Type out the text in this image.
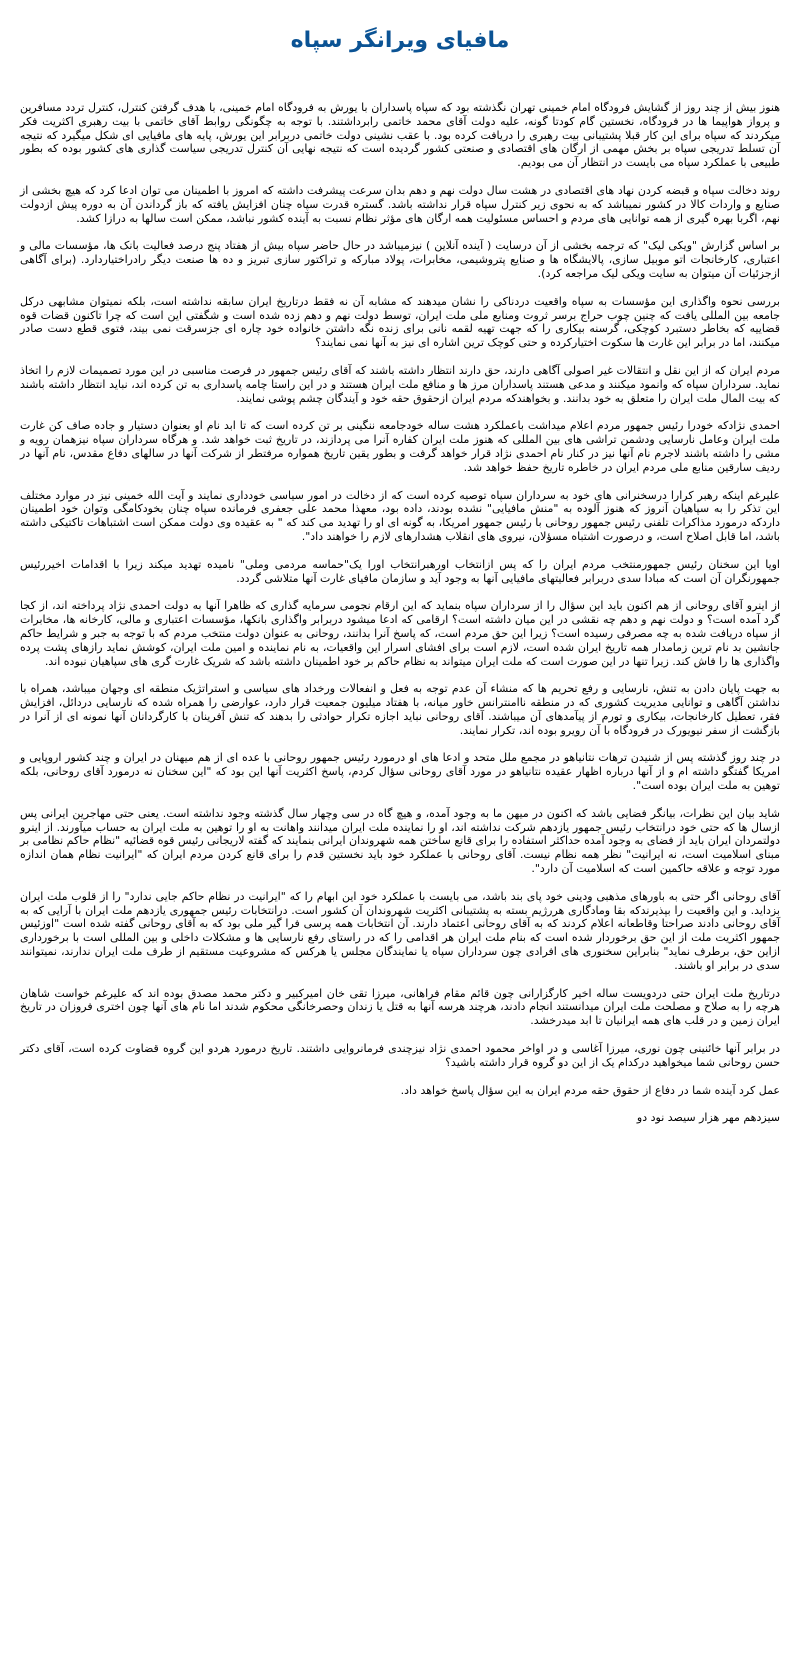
مافیای ویرانگر سپاه

هنوز بیش از چند روز از گشایش فرودگاه امام خمینی تهران نگذشته بود که سپاه پاسداران با یورش به فرودگاه امام خمینی، با هدف گرفتن کنترل، کنترل تردد مسافرین و پرواز هواپیما ها در فرودگاه، نخستین گام کودتا گونه، علیه دولت آقای محمد خاتمی رابرداشتند. با توجه به چگونگی روابط آقای خاتمی با بیت رهبری اکثریت فکر میکردند که سپاه برای این کار قبلا پشتیبانی بیت رهبری را دریافت کرده بود. با عقب نشینی دولت خاتمی دربرابر این یورش، پایه های مافیایی ای شکل میگیرد که نتیجه آن تسلط تدریجی سپاه بر بخش مهمی از ارگان های اقتصادی و صنعتی کشور گردیده است که نتیجه نهایی آن کنترل تدریجی سیاست گذاری های کشور بوده که بطور طبیعی با عملکرد سپاه می بایست در انتظار آن می بودیم.

روند دخالت سپاه و قبضه کردن نهاد های اقتصادی در هشت سال دولت نهم و دهم بدان سرعت پیشرفت داشته که امروز با اطمینان می توان ادعا کرد که هیچ بخشی از صنایع و واردات کالا در کشور نمیباشد که به نحوی زیر کنترل سپاه قرار نداشته باشد. گستره قدرت سپاه چنان افزایش یافته که باز گرداندن آن به دوره پیش ازدولت نهم، اگربا بهره گیری از همه توانایی های مردم و احساس مسئولیت همه ارگان های مؤثر نظام نسبت به آینده کشور نباشد، ممکن است سالها به درازا کشد.

بر اساس گزارش "ویکی لیک" که ترجمه بخشی از آن درسایت ( آینده آنلاین ) نیزمیباشد در حال حاضر سپاه بیش از هفتاد پنج درصد فعالیت بانک ها، مؤسسات مالی و اعتباری، کارخانجات اتو موبیل سازی، پالایشگاه ها و صنایع پتروشیمی، مخابرات، پولاد مبارکه و تراکتور سازی تبریز و ده ها صنعت دیگر رادراختیاردارد. (برای آگاهی ازجزئیات آن میتوان به سایت ویکی لیک مراجعه کرد).

بررسی نحوه واگذاری این مؤسسات به سپاه واقعیت دردناکی را نشان میدهند که مشابه آن نه فقط درتاریخ ایران سابقه نداشته است، بلکه نمیتوان مشابهی درکل جامعه بین المللی یافت که چنین چوب حراج برسر ثروت ومنابع ملی ملت ایران، توسط دولت نهم و دهم زده شده است و شگفتی این است که چرا تاکنون قضات قوه قضاییه که بخاطر دستبرد کوچکی، گرسنه بیکاری را که جهت تهیه لقمه نانی برای زنده نگه داشتن خانواده خود چاره ای جزسرقت نمی بیند، فتوی قطع دست صادر میکنند، اما در برابر این غارت ها سکوت اختیارکرده و حتی کوچک ترین اشاره ای نیز به آنها نمی نمایند؟

مردم ایران که از این نقل و انتقالات غیر اصولی آگاهی دارند، حق دارند انتظار داشته باشند که آقای رئیس جمهور در فرصت مناسبی در این مورد تصمیمات لازم را اتخاذ نماید. سرداران سپاه که وانمود میکنند و مدعی هستند پاسداران مرز ها و منافع ملت ایران هستند و در این راستا چامه پاسداری به تن کرده اند، نباید انتظار داشته باشند که بیت المال ملت ایران را متعلق به خود بدانند. و بخواهندکه مردم ایران ازحقوق حقه خود و آیندگان چشم پوشی نمایند.

احمدی نژادکه خودرا رئیس جمهور مردم اعلام میداشت باعملکرد هشت ساله خودجامعه ننگینی بر تن کرده است که تا ابد نام او بعنوان دستیار و جاده صاف کن غارت ملت ایران وعامل نارسایی ودشمن تراشی های بین المللی که هنوز ملت ایران کفاره آنرا می پردازند، در تاریخ ثبت خواهد شد. و هرگاه سرداران سپاه نیزهمان رویه و مشی را داشته باشند لاجرم نام آنها نیز در کنار نام احمدی نژاد قرار خواهد گرفت و بطور یقین تاریخ همواره مرفتطر از شرکت آنها در سالهای دفاع مقدس، نام آنها در ردیف سارقین منابع ملی مردم ایران در خاطره تاریخ حفظ خواهد شد.

علیرغم اینکه رهبر کرارا درسخنرانی های خود به سرداران سپاه توصیه کرده است که از دخالت در امور سیاسی خودداری نمایند و آیت الله خمینی نیز در موارد مختلف این تذکر را به سپاهیان آنروز که هنوز آلوده به "منش مافیایی" نشده بودند، داده بود، معهذا محمد علی جعفری فرمانده سپاه چنان بخودکامگی وتوان خود اطمینان داردکه درمورد مذاکرات تلفنی رئیس جمهور روحانی با رئیس جمهور امریکا، به گونه ای او را تهدید می کند که " به عقیده وی دولت ممکن است اشتباهات تاکتیکی داشته باشد، اما قابل اصلاح است، و درصورت اشتباه مسؤلان، نیروی های انقلاب هشدارهای لازم را خواهند داد".

اویا این سخنان رئیس جمهورمنتخب مردم ایران را که پس ازانتخاب اورهبرانتخاب اورا یک"حماسه مردمی وملی" نامیده تهدید میکند زیرا با اقدامات اخیررئیس جمهورنگران آن است که مبادا سدی دربرابر فعالیتهای مافیایی آنها به وجود آید و سازمان مافیای غارت آنها متلاشی گردد.

از اینرو آقای روحانی از هم اکنون باید این سؤال را از سرداران سپاه بنماید که این ارقام نجومی سرمایه گذاری که ظاهرا آنها به دولت احمدی نژاد پرداخته اند، از کجا گرد آمده است؟ و دولت نهم و دهم چه نقشی در این میان داشته است؟ ارقامی که ادعا میشود دربرابر واگذاری بانکها، مؤسسات اعتباری و مالی، کارخانه ها، مخابرات از سپاه دریافت شده به چه مصرفی رسیده است؟ زیرا این حق مردم است، که پاسخ آنرا بدانند، روحانی به عنوان دولت منتخب مردم که با توجه به جبر و شرایط حاکم جانشین بد نام ترین زمامدار همه تاریخ ایران شده است، لازم است برای افشای اسرار این واقعیات، به نام نماینده و امین ملت ایران، کوشش نماید رازهای پشت پرده واگذاری ها را فاش کند. زیرا تنها در این صورت است که ملت ایران میتواند به نظام حاکم بر خود اطمینان داشته باشد که شریک غارت گری های سپاهیان نبوده اند.

به جهت پایان دادن به تنش، نارسایی و رفع تحریم ها که منشاء آن عدم توجه به فعل و انفعالات ورخداد های سیاسی و استراتژیک منطقه ای وجهان میباشد، همراه با نداشتن آگاهی و توانایی مدیریت کشوری که در منطقه ناامنترانس خاور میانه، با هفتاد میلیون جمعیت قرار دارد، عوارضی را همراه شده که نارسایی دردائل، افزایش فقر، تعطیل کارخانجات، بیکاری و تورم از پیآمدهای آن میباشند. آقای روحانی نباید اجازه تکرار حوادثی را بدهند که تنش آفرینان با کارگردانان آنها نمونه ای از آنرا در بازگشت از سفر نیویورک در فرودگاه با آن رویرو بوده اند، تکرار نمایند.

در چند روز گذشته پس از شنیدن ترهات نتانیاهو در مجمع ملل متحد و ادعا های او درمورد رئیس جمهور روحانی با عده ای از هم میهنان در ایران و چند کشور اروپایی و امریکا گفتگو داشته ام و از آنها درباره اظهار عقیده نتانیاهو در مورد آقای روحانی سؤال کردم، پاسخ اکثریت آنها این بود که "این سخنان نه درمورد آقای روحانی، بلکه توهین به ملت ایران بوده است".

شاید بیان این نظرات، بیانگر فضایی باشد که اکنون در میهن ما به وجود آمده، و هیچ گاه در سی وچهار سال گذشته وجود نداشته است. یعنی حتی مهاجرین ایرانی پس ازسال ها که حتی خود درانتخاب رئیس جمهور یازدهم شرکت نداشته اند، او را نماینده ملت ایران میدانند واهانت به او را توهین به ملت ایران به حساب میآورند. از اینرو دولتمردان ایران باید از فضای به وجود آمده حداکثر استفاده را برای قانع ساختن همه شهروندان ایرانی بنمایند که گفته لاریجانی رئیس قوه قضائیه "نظام حاکم نظامی بر مبنای اسلامیت است، نه ایرانیت" نظر همه نظام نیست. آقای روحانی با عملکرد خود باید نخستین قدم را برای قانع کردن مردم ایران که "ایرانیت نظام همان اندازه مورد توجه و علاقه حاکمین است که اسلامیت آن دارد".

آقای روحانی اگر حتی به باورهای مذهبی ودینی خود پای بند باشد، می بایست با عملکرد خود این ابهام را که "ایرانیت در نظام حاکم جایی ندارد" را از قلوب ملت ایران بزداید. و این واقعیت را بپذیرندکه بقا ومادگاری هررژیم بسته به پشتیبانی اکثریت شهروندان آن کشور است. درانتخابات رئیس جمهوری یازدهم ملت ایران با آرایی که به آقای روحانی دادند صراحتا وقاطعانه اعلام کردند که به آقای روحانی اعتماد دارند. آن انتخابات همه پرسی فرا گیر ملی بود که به آقای روحانی گفته شده است "اوزئیس جمهور اکثریت ملت از این حق برخوردار شده است که بنام ملت ایران هر اقدامی را که در راستای رفع نارسایی ها و مشکلات داخلی و بین المللی است با برخورداری ازاین حق، برطرف نماید" بنابراین سخنوری های افرادی چون سرداران سپاه یا نمایندگان مجلس یا هرکس که مشروعیت مستقیم از طرف ملت ایران ندارند، نمیتوانند سدی در برابر او باشند.

درتاریخ ملت ایران حتی دردویست ساله اخیر کارگزارانی چون قائم مقام فراهانی، میرزا تقی خان امیرکبیر و دکتر محمد مصدق بوده اند که علیرغم خواست شاهان هرچه را به صلاح و مصلحت ملت ایران میدانستند انجام دادند، هرچند هرسه آنها به قتل یا زندان وحصرخانگی محکوم شدند اما نام های آنها چون اختری فروزان در تاریخ ایران زمین و در قلب های همه ایرانیان تا ابد میدرخشد.

در برابر آنها خائنینی چون نوری، میرزا آغاسی و در اواخر محمود احمدی نژاد نیزچندی فرمانروایی داشتند. تاریخ درمورد هردو این گروه قضاوت کرده است، آقای دکتر حسن روحانی شما میخواهید درکدام یک از این دو گروه قرار داشته باشید؟

عمل کرد آینده شما در دفاع از حقوق حقه مردم ایران به این سؤال پاسخ خواهد داد.

سیزدهم مهر هزار سیصد نود دو
